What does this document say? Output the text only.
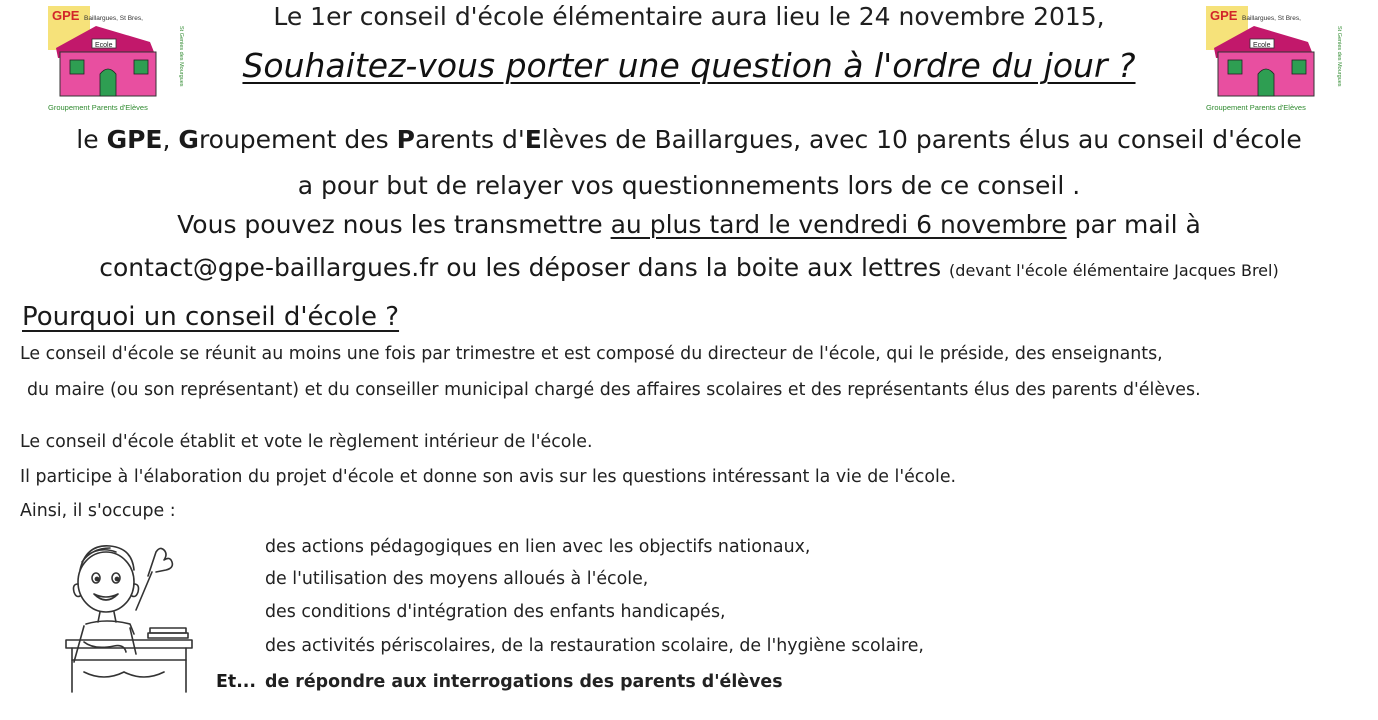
GPE Baillargues, St Bres,
St Genies des Mourgues
Ecole
Groupement Parents d'Elèves
GPE Baillargues, St Bres,
St Genies des Mourgues
Ecole
Groupement Parents d'Elèves
Le 1er conseil d'école élémentaire aura lieu le 24 novembre 2015,
Souhaitez-vous porter une question à l'ordre du jour ?
le GPE, Groupement des Parents d'Elèves de Baillargues, avec 10 parents élus au conseil d'école
a pour but de relayer vos questionnements lors de ce conseil .
Vous pouvez nous les transmettre au plus tard le vendredi 6 novembre par mail à
contact@gpe-baillargues.fr ou les déposer dans la boite aux lettres (devant l'école élémentaire Jacques Brel)
Pourquoi un conseil d'école ?
Le conseil d'école se réunit au moins une fois par trimestre et est composé du directeur de l'école, qui le préside, des enseignants,
du maire (ou son représentant) et du conseiller municipal chargé des affaires scolaires et des représentants élus des parents d'élèves.
Le conseil d'école établit et vote le règlement intérieur de l'école.
Il participe à l'élaboration du projet d'école et donne son avis sur les questions intéressant la vie de l'école.
Ainsi, il s'occupe :
des actions pédagogiques en lien avec les objectifs nationaux,
de l'utilisation des moyens alloués à l'école,
des conditions d'intégration des enfants handicapés,
des activités périscolaires, de la restauration scolaire, de l'hygiène scolaire,
Et... de répondre aux interrogations des parents d'élèves
